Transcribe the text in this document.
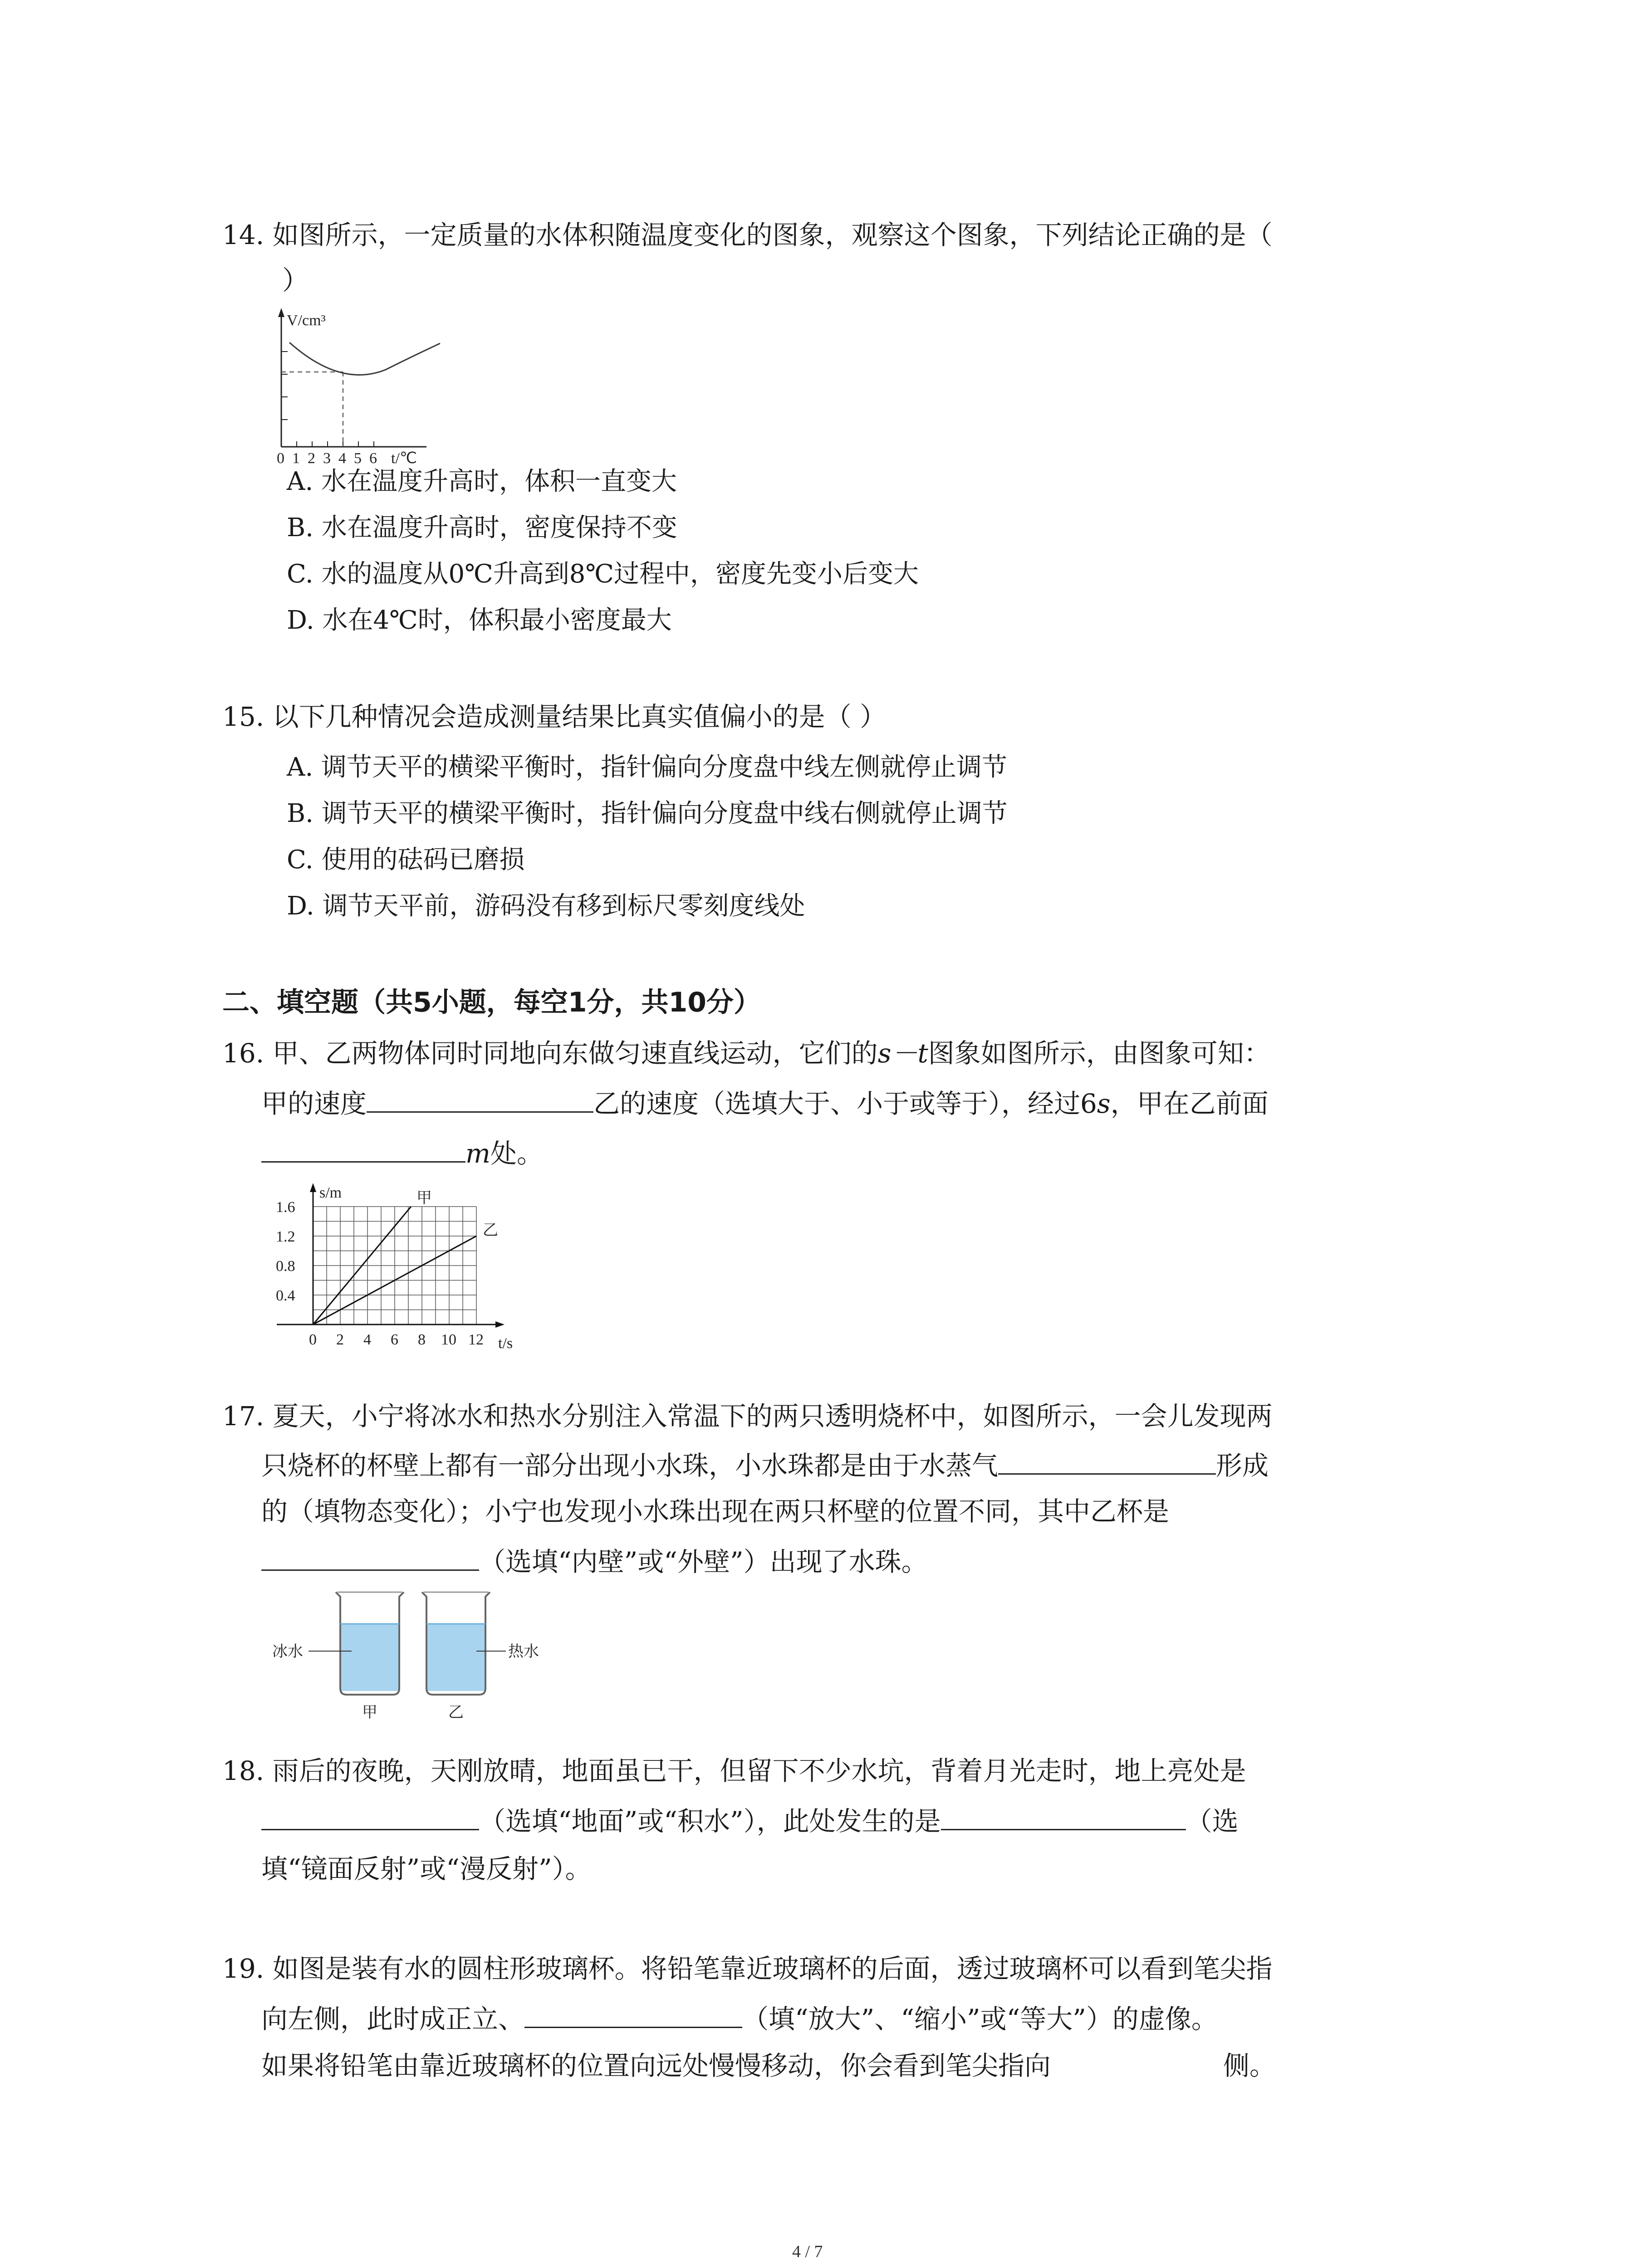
14. 如图所示，一定质量的水体积随温度变化的图象，观察这个图象，下列结论正确的是（
）
V/cm³
0 1 2 3 4 5 6 t/℃
A. 水在温度升高时，体积一直变大
B. 水在温度升高时，密度保持不变
C. 水的温度从0℃升高到8℃过程中，密度先变小后变大
D. 水在4℃时，体积最小密度最大
15. 以下几种情况会造成测量结果比真实值偏小的是（ ）
A. 调节天平的横梁平衡时，指针偏向分度盘中线左侧就停止调节
B. 调节天平的横梁平衡时，指针偏向分度盘中线右侧就停止调节
C. 使用的砝码已磨损
D. 调节天平前，游码没有移到标尺零刻度线处
二、填空题（共5小题，每空1分，共10分）
16. 甲、乙两物体同时同地向东做匀速直线运动，它们的s－t图象如图所示，由图象可知：
甲的速度	乙的速度（选填大于、小于或等于），经过6s，甲在乙前面
m处。
1.6
1.2
0.8
0.4
0 2 4 6 8 10 12
s/m
t/s
甲
乙
17. 夏天，小宁将冰水和热水分别注入常温下的两只透明烧杯中，如图所示，一会儿发现两
只烧杯的杯壁上都有一部分出现小水珠，小水珠都是由于水蒸气	形成
的（填物态变化）；小宁也发现小水珠出现在两只杯壁的位置不同，其中乙杯是
（选填“内壁”或“外壁”）出现了水珠。
冰水	热水
甲	乙
18. 雨后的夜晚，天刚放晴，地面虽已干，但留下不少水坑，背着月光走时，地上亮处是
（选填“地面”或“积水”），此处发生的是	（选
填“镜面反射”或“漫反射”）。
19. 如图是装有水的圆柱形玻璃杯。将铅笔靠近玻璃杯的后面，透过玻璃杯可以看到笔尖指
向左侧，此时成正立、	（填“放大”、“缩小”或“等大”）的虚像。
如果将铅笔由靠近玻璃杯的位置向远处慢慢移动，你会看到笔尖指向	侧。
4 / 7
